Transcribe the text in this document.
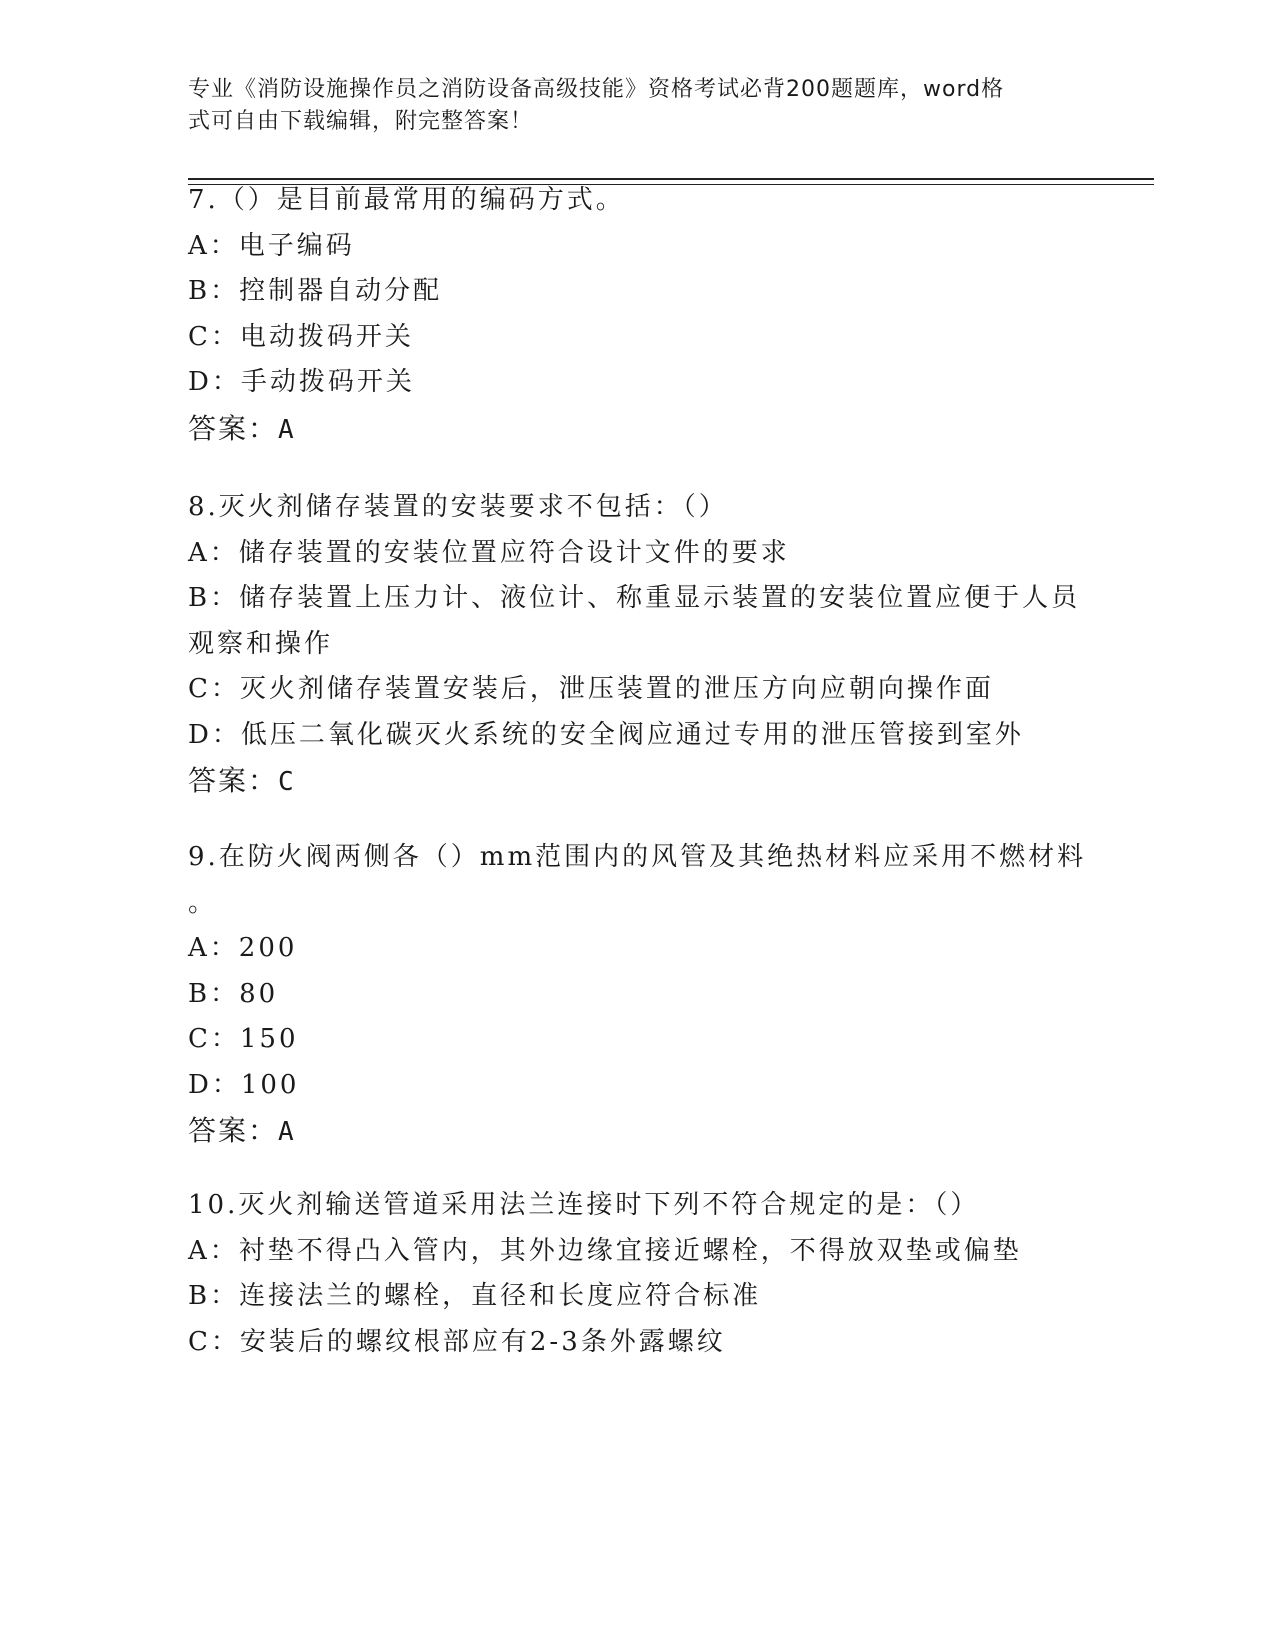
专业《消防设施操作员之消防设备高级技能》资格考试必背200题题库，word格

式可自由下载编辑，附完整答案！

7.（）是目前最常用的编码方式。
A：电子编码
B：控制器自动分配
C：电动拨码开关
D：手动拨码开关
答案：A
8.灭火剂储存装置的安装要求不包括：（）
A：储存装置的安装位置应符合设计文件的要求
B：储存装置上压力计、液位计、称重显示装置的安装位置应便于人员
观察和操作
C：灭火剂储存装置安装后，泄压装置的泄压方向应朝向操作面
D：低压二氧化碳灭火系统的安全阀应通过专用的泄压管接到室外
答案：C
9.在防火阀两侧各（）mm范围内的风管及其绝热材料应采用不燃材料
。
A：200
B：80
C：150
D：100
答案：A
10.灭火剂输送管道采用法兰连接时下列不符合规定的是：（）
A：衬垫不得凸入管内，其外边缘宜接近螺栓，不得放双垫或偏垫
B：连接法兰的螺栓，直径和长度应符合标准
C：安装后的螺纹根部应有2-3条外露螺纹
